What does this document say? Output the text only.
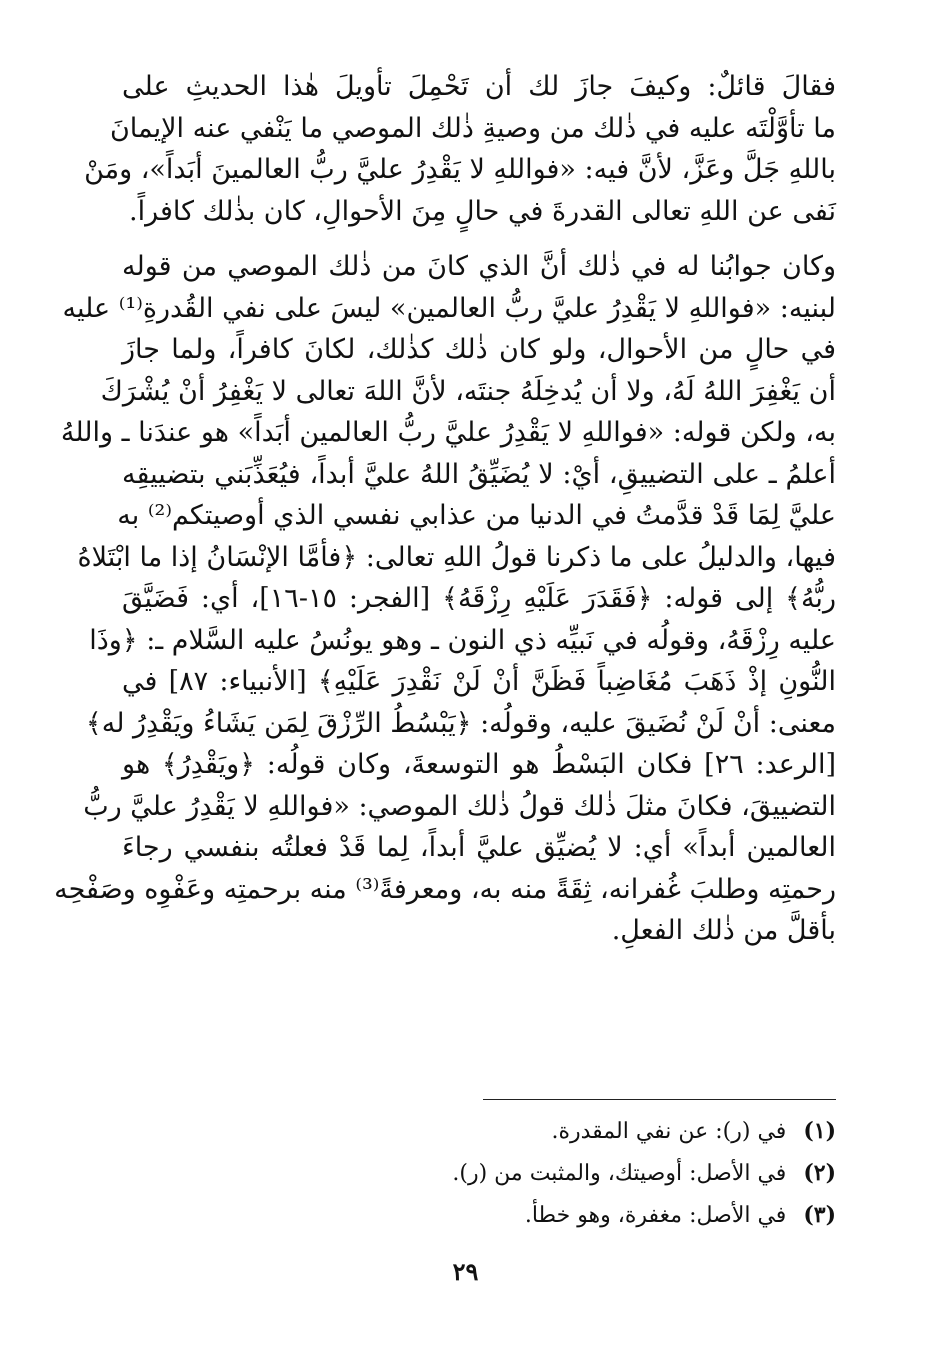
فقالَ قائلٌ: وكيفَ جازَ لك أن تَحْمِلَ تأويلَ هٰذا الحديثِ على
ما تأوَّلْتَه عليه في ذٰلك من وصيةِ ذٰلك الموصي ما يَنْفي عنه الإيمانَ
باللهِ جَلَّ وعَزَّ، لأنَّ فيه: «فواللهِ لا يَقْدِرُ عليَّ ربُّ العالمينَ أبَداً»، ومَنْ
نَفى عن اللهِ تعالى القدرةَ في حالٍ مِنَ الأحوالِ، كان بذٰلك كافراً.
وكان جوابُنا له في ذٰلك أنَّ الذي كانَ من ذٰلك الموصي من قوله
لبنيه: «فواللهِ لا يَقْدِرُ عليَّ ربُّ العالمين» ليسَ على نفي القُدرةِ⁽¹⁾ عليه
في حالٍ من الأحوال، ولو كان ذٰلك كذٰلك، لكانَ كافراً، ولما جازَ
أن يَغْفِرَ اللهُ لَهُ، ولا أن يُدخِلَهُ جنتَه، لأنَّ اللهَ تعالى لا يَغْفِرُ أنْ يُشْرَكَ
به، ولكن قوله: «فواللهِ لا يَقْدِرُ عليَّ ربُّ العالمين أبَداً» هو عندَنا ـ واللهُ
أعلمُ ـ على التضييقِ، أيْ: لا يُضَيِّقُ اللهُ عليَّ أبداً، فيُعَذِّبَني بتضييقِه
عليَّ لِمَا قَدْ قدَّمتُ في الدنيا من عذابي نفسي الذي أوصيتكم⁽²⁾ به
فيها، والدليلُ على ما ذكرنا قولُ اللهِ تعالى: ﴿فأمَّا الإنْسَانُ إذا ما ابْتَلاهُ
ربُّهُ﴾ إلى قوله: ﴿فَقَدَرَ عَلَيْهِ رِزْقَهُ﴾ [الفجر: ١٥-١٦]، أي: فَضَيَّقَ
عليه رِزْقَهُ، وقولُه في نَبيِّه ذي النون ـ وهو يونُسُ عليه السَّلام ـ: ﴿وذَا
النُّونِ إذْ ذَهَبَ مُغَاضِباً فَظَنَّ أنْ لَنْ نَقْدِرَ عَلَيْهِ﴾ [الأنبياء: ٨٧] في
معنى: أنْ لَنْ نُضَيقَ عليه، وقولُه: ﴿يَبْسُطُ الرِّزْقَ لِمَن يَشَاءُ ويَقْدِرُ له﴾
[الرعد: ٢٦] فكان البَسْطُ هو التوسعةَ، وكان قولُه: ﴿ويَقْدِرُ﴾ هو
التضييقَ، فكانَ مثلَ ذٰلك قولُ ذٰلك الموصي: «فواللهِ لا يَقْدِرُ عليَّ ربُّ
العالمين أبداً» أي: لا يُضيِّق عليَّ أبداً، لِما قَدْ فعلتُه بنفسي رجاءَ
رحمتِه وطلبَ غُفرانه، ثِقَةً منه به، ومعرفةً⁽³⁾ منه برحمتِه وعَفْوِه وصَفْحِه
بأقلَّ من ذٰلك الفعلِ.
(١) في (ر): عن نفي المقدرة.
(٢) في الأصل: أوصيتك، والمثبت من (ر).
(٣) في الأصل: مغفرة، وهو خطأ.
٢٩
